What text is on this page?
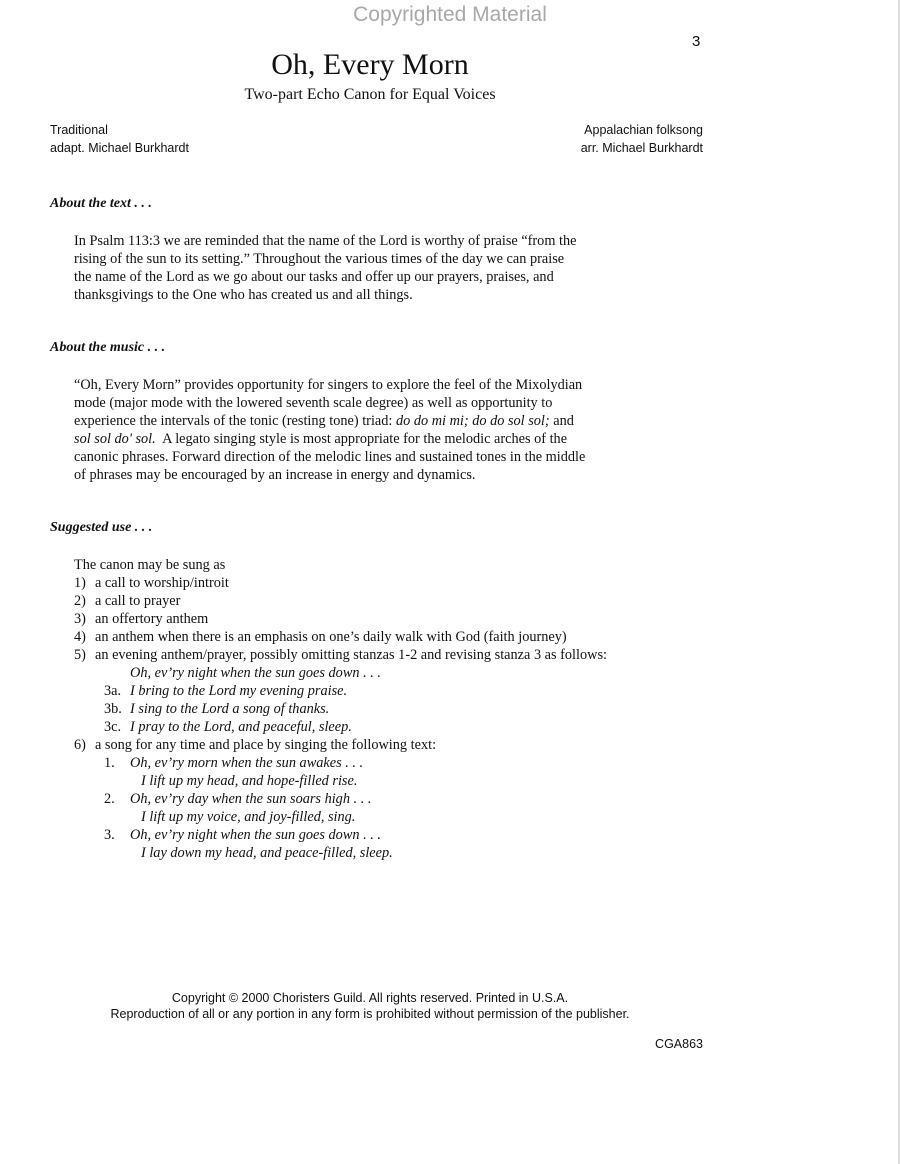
Copyrighted Material
3
Oh, Every Morn
Two-part Echo Canon for Equal Voices
Traditional
adapt. Michael Burkhardt
Appalachian folksong
arr. Michael Burkhardt
About the text . . .
In Psalm 113:3 we are reminded that the name of the Lord is worthy of praise “from the
rising of the sun to its setting.” Throughout the various times of the day we can praise
the name of the Lord as we go about our tasks and offer up our prayers, praises, and
thanksgivings to the One who has created us and all things.
About the music . . .
“Oh, Every Morn” provides opportunity for singers to explore the feel of the Mixolydian
mode (major mode with the lowered seventh scale degree) as well as opportunity to
experience the intervals of the tonic (resting tone) triad: do do mi mi; do do sol sol; and
sol sol do' sol.  A legato singing style is most appropriate for the melodic arches of the
canonic phrases. Forward direction of the melodic lines and sustained tones in the middle
of phrases may be encouraged by an increase in energy and dynamics.
Suggested use . . .
The canon may be sung as
1) a call to worship/introit
2) a call to prayer
3) an offertory anthem
4) an anthem when there is an emphasis on one’s daily walk with God (faith journey)
5) an evening anthem/prayer, possibly omitting stanzas 1-2 and revising stanza 3 as follows:
Oh, ev’ry night when the sun goes down . . .
3a. I bring to the Lord my evening praise.
3b. I sing to the Lord a song of thanks.
3c. I pray to the Lord, and peaceful, sleep.
6) a song for any time and place by singing the following text:
1. Oh, ev’ry morn when the sun awakes . . .
I lift up my head, and hope-filled rise.
2. Oh, ev’ry day when the sun soars high . . .
I lift up my voice, and joy-filled, sing.
3. Oh, ev’ry night when the sun goes down . . .
I lay down my head, and peace-filled, sleep.
Copyright © 2000 Choristers Guild. All rights reserved. Printed in U.S.A.
Reproduction of all or any portion in any form is prohibited without permission of the publisher.
CGA863
